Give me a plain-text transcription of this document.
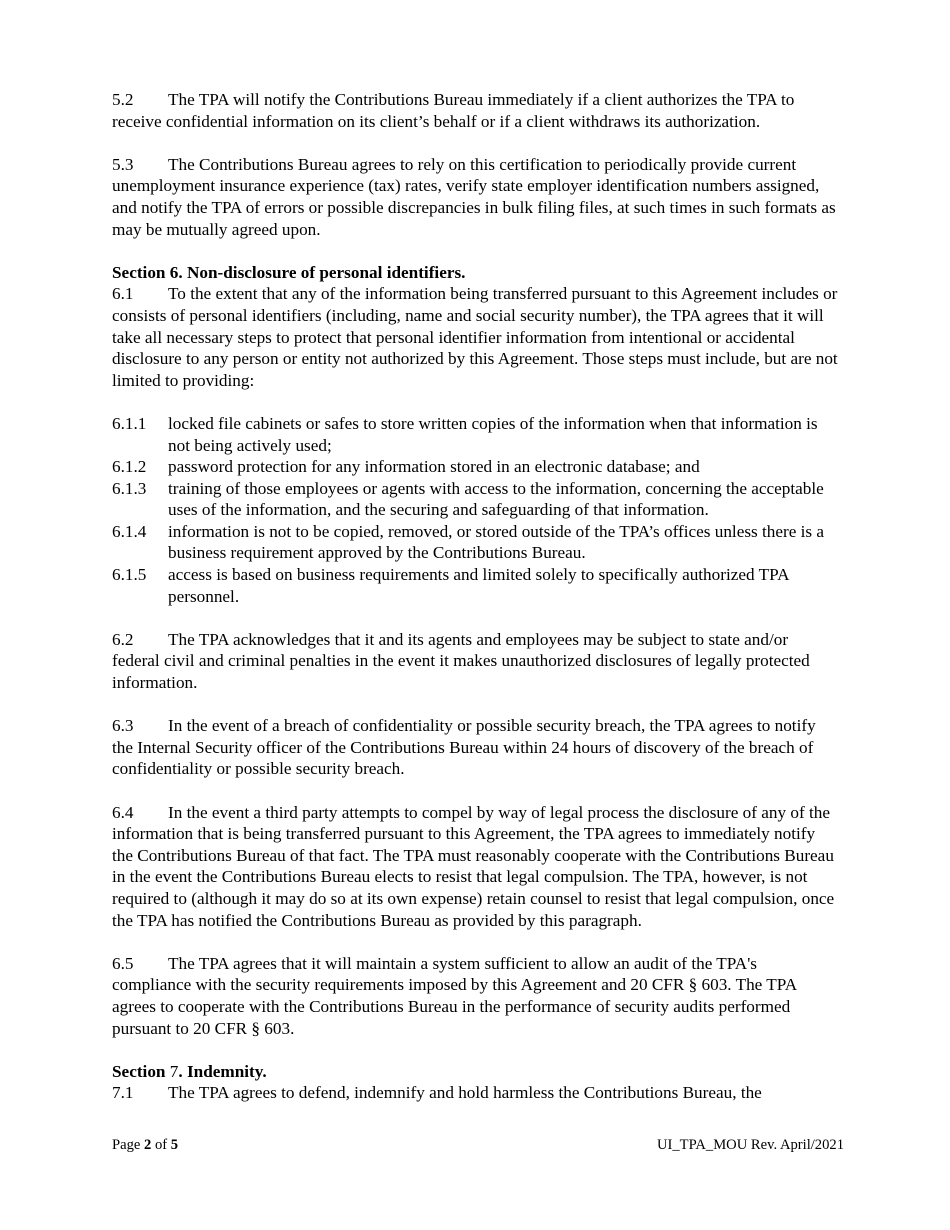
5.2 The TPA will notify the Contributions Bureau immediately if a client authorizes the TPA to receive confidential information on its client’s behalf or if a client withdraws its authorization.

5.3 The Contributions Bureau agrees to rely on this certification to periodically provide current unemployment insurance experience (tax) rates, verify state employer identification numbers assigned, and notify the TPA of errors or possible discrepancies in bulk filing files, at such times in such formats as may be mutually agreed upon.

Section 6. Non-disclosure of personal identifiers.

6.1 To the extent that any of the information being transferred pursuant to this Agreement includes or consists of personal identifiers (including, name and social security number), the TPA agrees that it will take all necessary steps to protect that personal identifier information from intentional or accidental disclosure to any person or entity not authorized by this Agreement. Those steps must include, but are not limited to providing:

6.1.1	locked file cabinets or safes to store written copies of the information when that information is not being actively used;
6.1.2	password protection for any information stored in an electronic database; and
6.1.3	training of those employees or agents with access to the information, concerning the acceptable uses of the information, and the securing and safeguarding of that information.
6.1.4	information is not to be copied, removed, or stored outside of the TPA’s offices unless there is a business requirement approved by the Contributions Bureau.
6.1.5	access is based on business requirements and limited solely to specifically authorized TPA personnel.

6.2 The TPA acknowledges that it and its agents and employees may be subject to state and/or federal civil and criminal penalties in the event it makes unauthorized disclosures of legally protected information.

6.3 In the event of a breach of confidentiality or possible security breach, the TPA agrees to notify the Internal Security officer of the Contributions Bureau within 24 hours of discovery of the breach of confidentiality or possible security breach.

6.4 In the event a third party attempts to compel by way of legal process the disclosure of any of the information that is being transferred pursuant to this Agreement, the TPA agrees to immediately notify the Contributions Bureau of that fact. The TPA must reasonably cooperate with the Contributions Bureau in the event the Contributions Bureau elects to resist that legal compulsion. The TPA, however, is not required to (although it may do so at its own expense) retain counsel to resist that legal compulsion, once the TPA has notified the Contributions Bureau as provided by this paragraph.

6.5 The TPA agrees that it will maintain a system sufficient to allow an audit of the TPA's compliance with the security requirements imposed by this Agreement and 20 CFR § 603. The TPA agrees to cooperate with the Contributions Bureau in the performance of security audits performed pursuant to 20 CFR § 603.

Section 7. Indemnity.

7.1 The TPA agrees to defend, indemnify and hold harmless the Contributions Bureau, the

Page 2 of 5	UI_TPA_MOU Rev. April/2021
